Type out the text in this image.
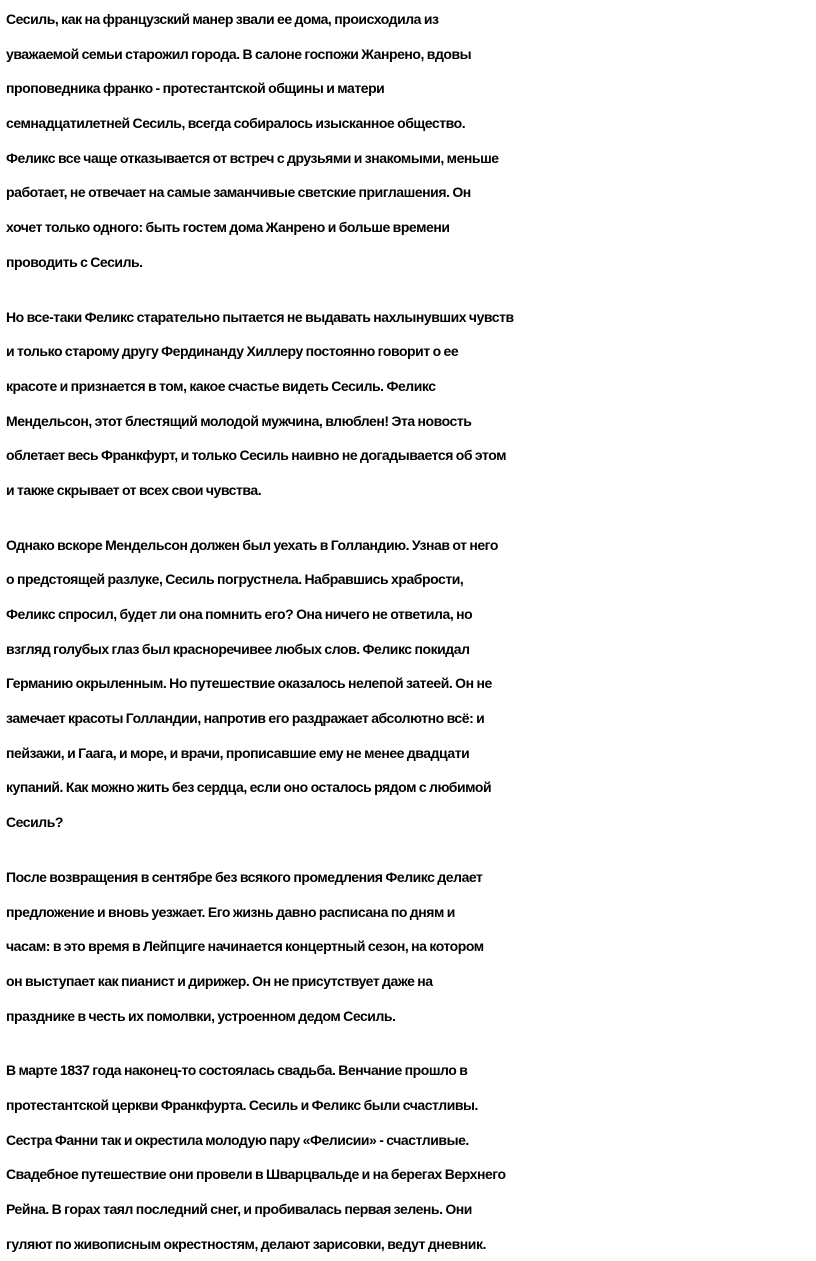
Сесиль, как на французский манер звали ее дома, происходила из
уважаемой семьи старожил города. В салоне госпожи Жанрено, вдовы
проповедника франко - протестантской общины и матери
семнадцатилетней Сесиль, всегда собиралось изысканное общество.
Феликс все чаще отказывается от встреч с друзьями и знакомыми, меньше
работает, не отвечает на самые заманчивые светские приглашения. Он
хочет только одного: быть гостем дома Жанрено и больше времени
проводить с Сесиль.
Но все-таки Феликс старательно пытается не выдавать нахлынувших чувств
и только старому другу Фердинанду Хиллеру постоянно говорит о ее
красоте и признается в том, какое счастье видеть Сесиль. Феликс
Мендельсон, этот блестящий молодой мужчина, влюблен! Эта новость
облетает весь Франкфурт, и только Сесиль наивно не догадывается об этом
и также скрывает от всех свои чувства.
Однако вскоре Мендельсон должен был уехать в Голландию. Узнав от него
о предстоящей разлуке, Сесиль погрустнела. Набравшись храбрости,
Феликс спросил, будет ли она помнить его? Она ничего не ответила, но
взгляд голубых глаз был красноречивее любых слов. Феликс покидал
Германию окрыленным. Но путешествие оказалось нелепой затеей. Он не
замечает красоты Голландии, напротив его раздражает абсолютно всё: и
пейзажи, и Гаага, и море, и врачи, прописавшие ему не менее двадцати
купаний. Как можно жить без сердца, если оно осталось рядом с любимой
Сесиль?
После возвращения в сентябре без всякого промедления Феликс делает
предложение и вновь уезжает. Его жизнь давно расписана по дням и
часам: в это время в Лейпциге начинается концертный сезон, на котором
он выступает как пианист и дирижер. Он не присутствует даже на
празднике в честь их помолвки, устроенном дедом Сесиль.
В марте 1837 года наконец-то состоялась свадьба. Венчание прошло в
протестантской церкви Франкфурта. Сесиль и Феликс были счастливы.
Сестра Фанни так и окрестила молодую пару «Фелисии» - счастливые.
Свадебное путешествие они провели в Шварцвальде и на берегах Верхнего
Рейна. В горах таял последний снег, и пробивалась первая зелень. Они
гуляют по живописным окрестностям, делают зарисовки, ведут дневник.
